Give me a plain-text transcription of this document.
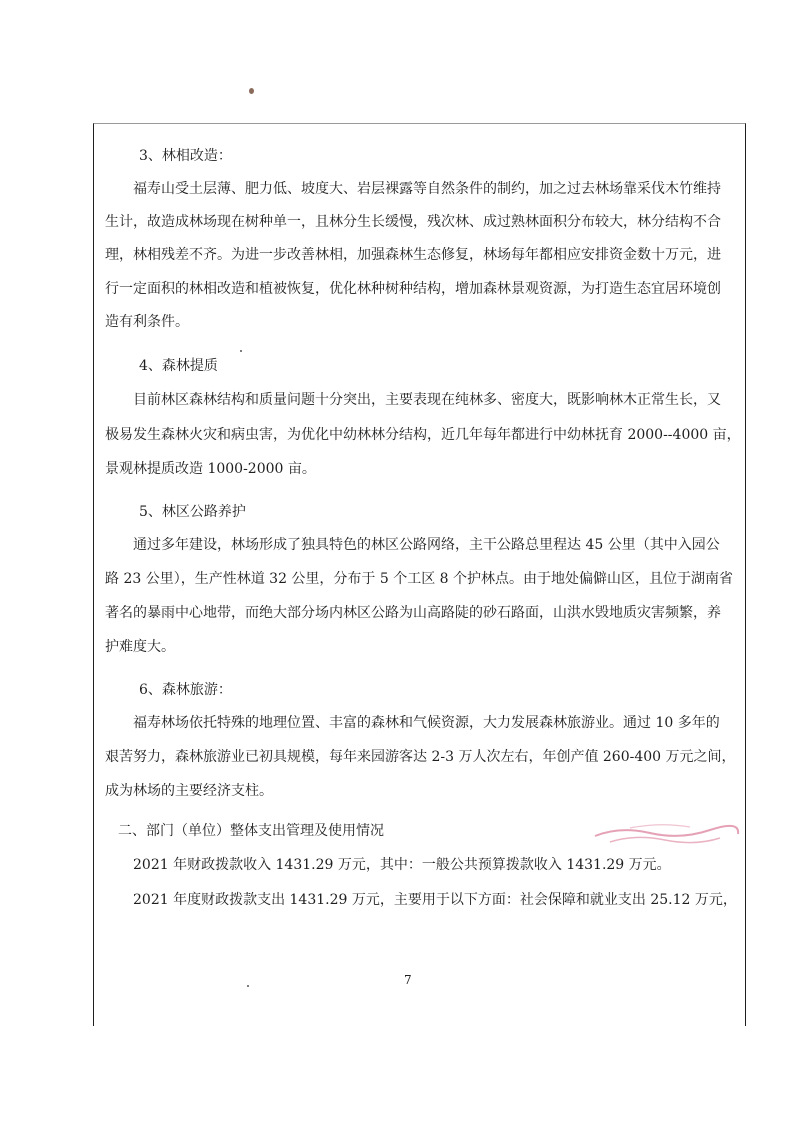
3、林相改造：
福寿山受土层薄、肥力低、坡度大、岩层裸露等自然条件的制约，加之过去林场靠采伐木竹维持
生计，故造成林场现在树种单一，且林分生长缓慢，残次林、成过熟林面积分布较大，林分结构不合
理，林相残差不齐。为进一步改善林相，加强森林生态修复，林场每年都相应安排资金数十万元，进
行一定面积的林相改造和植被恢复，优化林种树种结构，增加森林景观资源，为打造生态宜居环境创
造有利条件。
4、森林提质
目前林区森林结构和质量问题十分突出，主要表现在纯林多、密度大，既影响林木正常生长，又
极易发生森林火灾和病虫害，为优化中幼林林分结构，近几年每年都进行中幼林抚育 2000--4000 亩，
景观林提质改造 1000-2000 亩。
5、林区公路养护
通过多年建设，林场形成了独具特色的林区公路网络，主干公路总里程达 45 公里（其中入园公
路 23 公里），生产性林道 32 公里，分布于 5 个工区 8 个护林点。由于地处偏僻山区，且位于湖南省
著名的暴雨中心地带，而绝大部分场内林区公路为山高路陡的砂石路面，山洪水毁地质灾害频繁，养
护难度大。
6、森林旅游：
福寿林场依托特殊的地理位置、丰富的森林和气候资源，大力发展森林旅游业。通过 10 多年的
艰苦努力，森林旅游业已初具规模，每年来园游客达 2-3 万人次左右，年创产值 260-400 万元之间，
成为林场的主要经济支柱。
二、部门（单位）整体支出管理及使用情况
2021 年财政拨款收入 1431.29 万元，其中：一般公共预算拨款收入 1431.29 万元。
2021 年度财政拨款支出 1431.29 万元，主要用于以下方面：社会保障和就业支出 25.12 万元，
7
